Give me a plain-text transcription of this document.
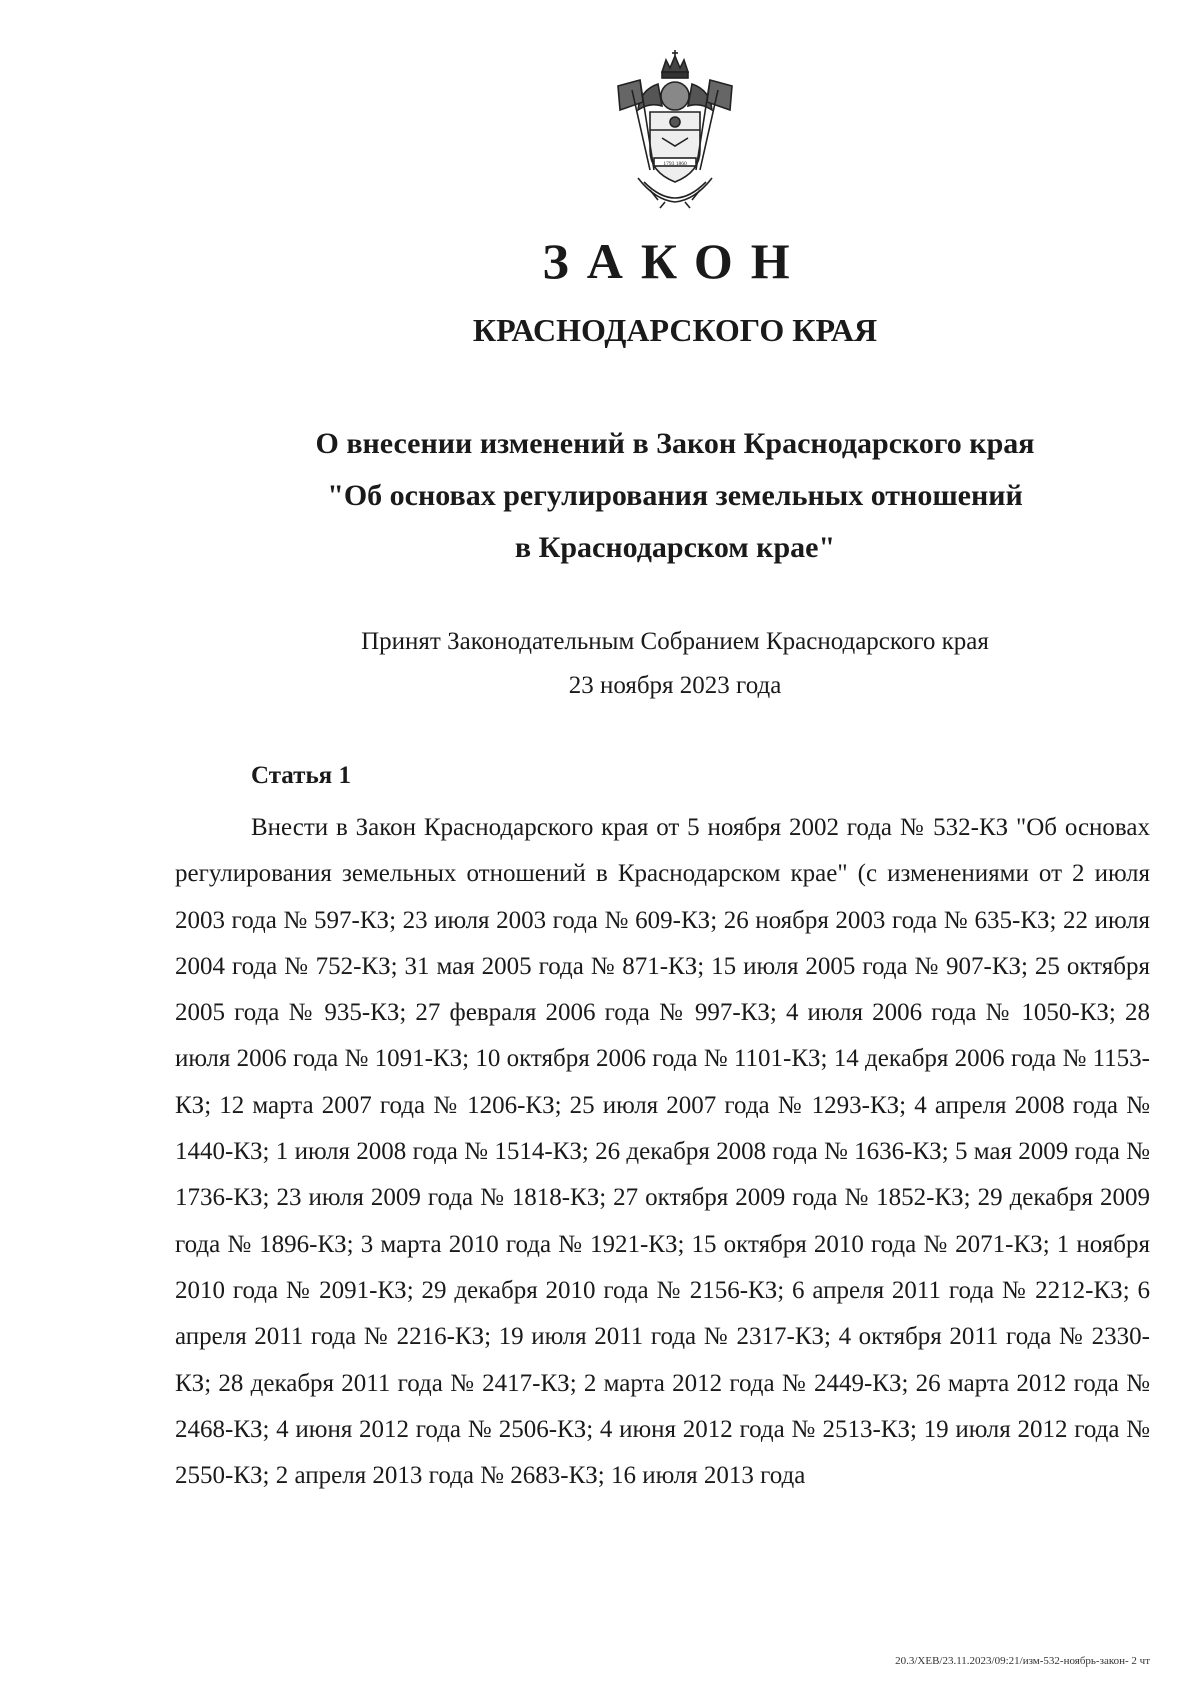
1793 1860
ЗАКОН
КРАСНОДАРСКОГО КРАЯ
О внесении изменений в Закон Краснодарского края
"Об основах регулирования земельных отношений
в Краснодарском крае"
Принят Законодательным Собранием Краснодарского края
23 ноября 2023 года
Статья 1

Внести в Закон Краснодарского края от 5 ноября 2002 года № 532-КЗ "Об основах регулирования земельных отношений в Краснодарском крае" (с изменениями от 2 июля 2003 года № 597-КЗ; 23 июля 2003 года № 609-КЗ; 26 ноября 2003 года № 635-КЗ; 22 июля 2004 года № 752-КЗ; 31 мая 2005 года № 871-КЗ; 15 июля 2005 года № 907-КЗ; 25 октября 2005 года № 935-КЗ; 27 февраля 2006 года № 997-КЗ; 4 июля 2006 года № 1050-КЗ; 28 июля 2006 года № 1091-КЗ; 10 октября 2006 года № 1101-КЗ; 14 декабря 2006 года № 1153-КЗ; 12 марта 2007 года № 1206-КЗ; 25 июля 2007 года № 1293-КЗ; 4 апреля 2008 года № 1440-КЗ; 1 июля 2008 года № 1514-КЗ; 26 декабря 2008 года № 1636-КЗ; 5 мая 2009 года № 1736-КЗ; 23 июля 2009 года № 1818-КЗ; 27 октября 2009 года № 1852-КЗ; 29 декабря 2009 года № 1896-КЗ; 3 марта 2010 года № 1921-КЗ; 15 октября 2010 года № 2071-КЗ; 1 ноября 2010 года № 2091-КЗ; 29 декабря 2010 года № 2156-КЗ; 6 апреля 2011 года № 2212-КЗ; 6 апреля 2011 года № 2216-КЗ; 19 июля 2011 года № 2317-КЗ; 4 октября 2011 года № 2330-КЗ; 28 декабря 2011 года № 2417-КЗ; 2 марта 2012 года № 2449-КЗ; 26 марта 2012 года № 2468-КЗ; 4 июня 2012 года № 2506-КЗ; 4 июня 2012 года № 2513-КЗ; 19 июля 2012 года № 2550-КЗ; 2 апреля 2013 года № 2683-КЗ; 16 июля 2013 года

20.3/ХЕВ/23.11.2023/09:21/изм-532-ноябрь-закон- 2 чт
